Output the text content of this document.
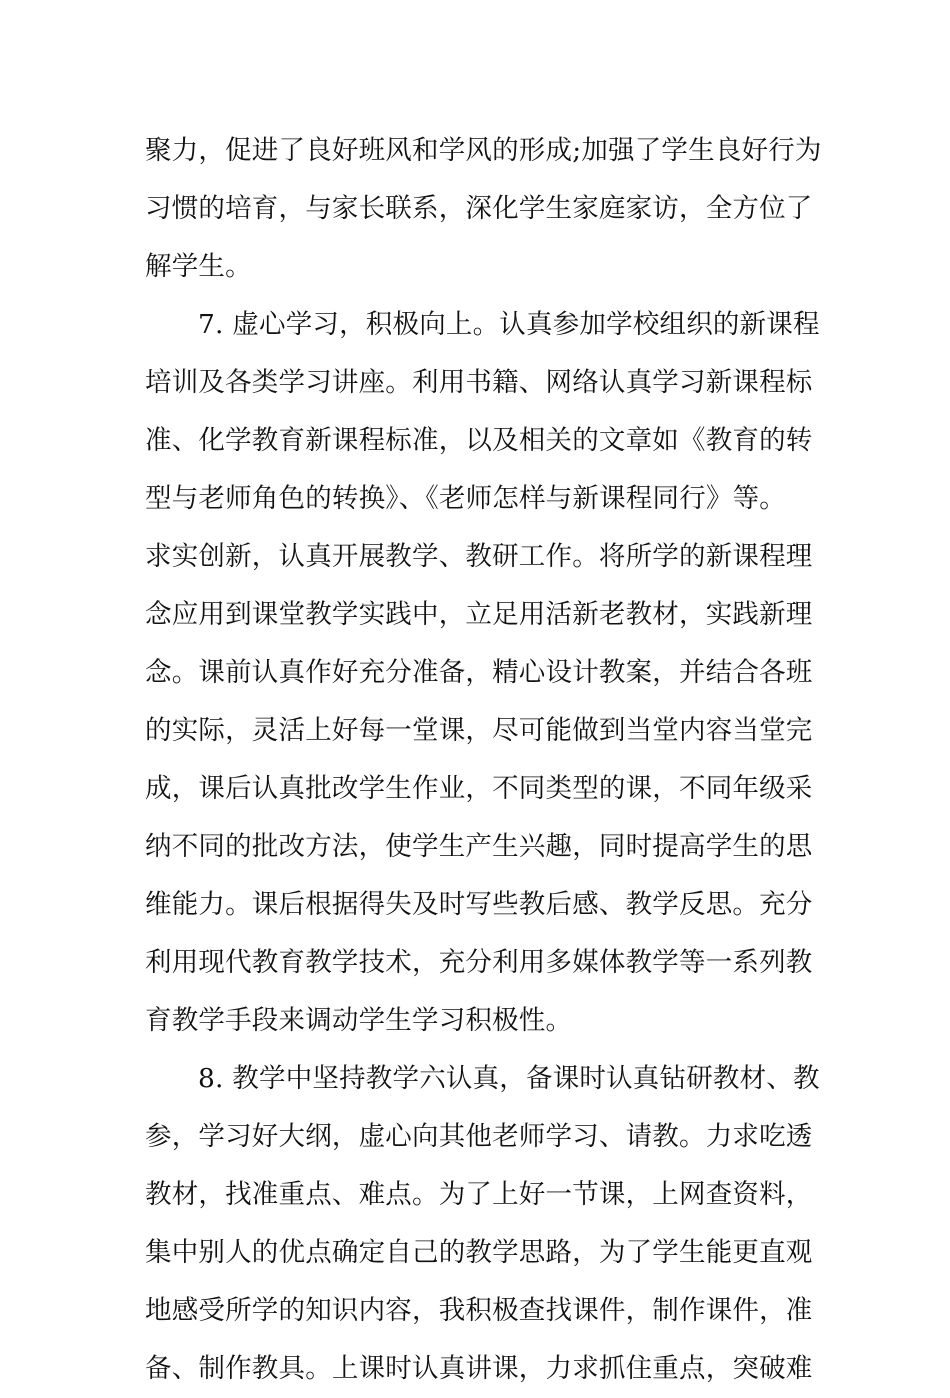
聚力，促进了良好班风和学风的形成;加强了学生良好行为
习惯的培育，与家长联系，深化学生家庭家访，全方位了
解学生。
7. 虚心学习，积极向上。认真参加学校组织的新课程
培训及各类学习讲座。利用书籍、网络认真学习新课程标
准、化学教育新课程标准，以及相关的文章如《教育的转
型与老师角色的转换》、《老师怎样与新课程同行》等。
求实创新，认真开展教学、教研工作。将所学的新课程理
念应用到课堂教学实践中，立足用活新老教材，实践新理
念。课前认真作好充分准备，精心设计教案，并结合各班
的实际，灵活上好每一堂课，尽可能做到当堂内容当堂完
成，课后认真批改学生作业，不同类型的课，不同年级采
纳不同的批改方法，使学生产生兴趣，同时提高学生的思
维能力。课后根据得失及时写些教后感、教学反思。充分
利用现代教育教学技术，充分利用多媒体教学等一系列教
育教学手段来调动学生学习积极性。
8. 教学中坚持教学六认真，备课时认真钻研教材、教
参，学习好大纲，虚心向其他老师学习、请教。力求吃透
教材，找准重点、难点。为了上好一节课，上网查资料，
集中别人的优点确定自己的教学思路，为了学生能更直观
地感受所学的知识内容，我积极查找课件，制作课件，准
备、制作教具。上课时认真讲课，力求抓住重点，突破难
